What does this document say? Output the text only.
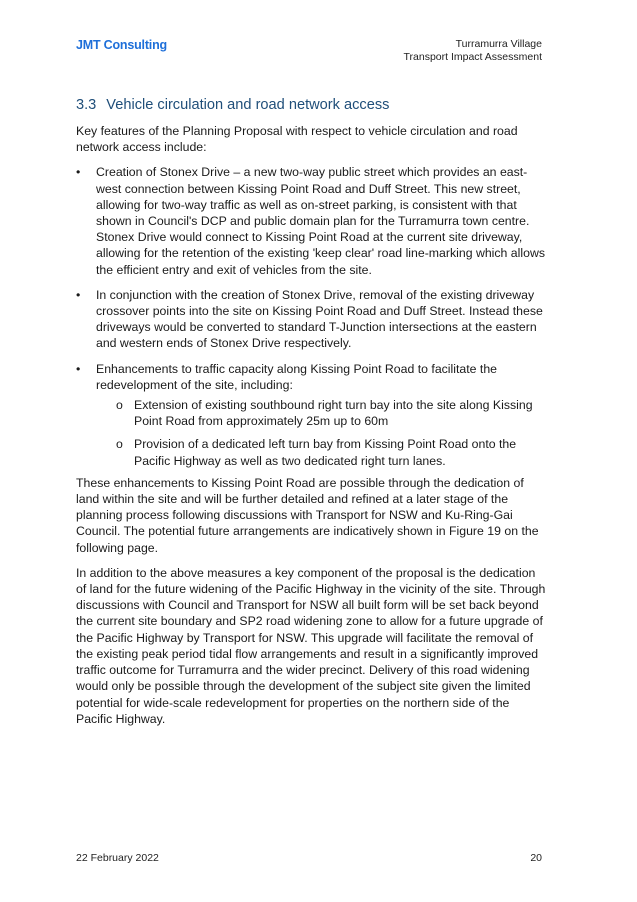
JMT Consulting	Turramurra Village
Transport Impact Assessment
3.3 Vehicle circulation and road network access

Key features of the Planning Proposal with respect to vehicle circulation and road network access include:

• Creation of Stonex Drive – a new two-way public street which provides an east-west connection between Kissing Point Road and Duff Street. This new street, allowing for two-way traffic as well as on-street parking, is consistent with that shown in Council's DCP and public domain plan for the Turramurra town centre. Stonex Drive would connect to Kissing Point Road at the current site driveway, allowing for the retention of the existing 'keep clear' road line-marking which allows the efficient entry and exit of vehicles from the site.
• In conjunction with the creation of Stonex Drive, removal of the existing driveway crossover points into the site on Kissing Point Road and Duff Street. Instead these driveways would be converted to standard T-Junction intersections at the eastern and western ends of Stonex Drive respectively.
• Enhancements to traffic capacity along Kissing Point Road to facilitate the redevelopment of the site, including:
o Extension of existing southbound right turn bay into the site along Kissing Point Road from approximately 25m up to 60m
o Provision of a dedicated left turn bay from Kissing Point Road onto the Pacific Highway as well as two dedicated right turn lanes.

These enhancements to Kissing Point Road are possible through the dedication of land within the site and will be further detailed and refined at a later stage of the planning process following discussions with Transport for NSW and Ku-Ring-Gai Council. The potential future arrangements are indicatively shown in Figure 19 on the following page.

In addition to the above measures a key component of the proposal is the dedication of land for the future widening of the Pacific Highway in the vicinity of the site. Through discussions with Council and Transport for NSW all built form will be set back beyond the current site boundary and SP2 road widening zone to allow for a future upgrade of the Pacific Highway by Transport for NSW. This upgrade will facilitate the removal of the existing peak period tidal flow arrangements and result in a significantly improved traffic outcome for Turramurra and the wider precinct. Delivery of this road widening would only be possible through the development of the subject site given the limited potential for wide-scale redevelopment for properties on the northern side of the Pacific Highway.

22 February 2022	20
